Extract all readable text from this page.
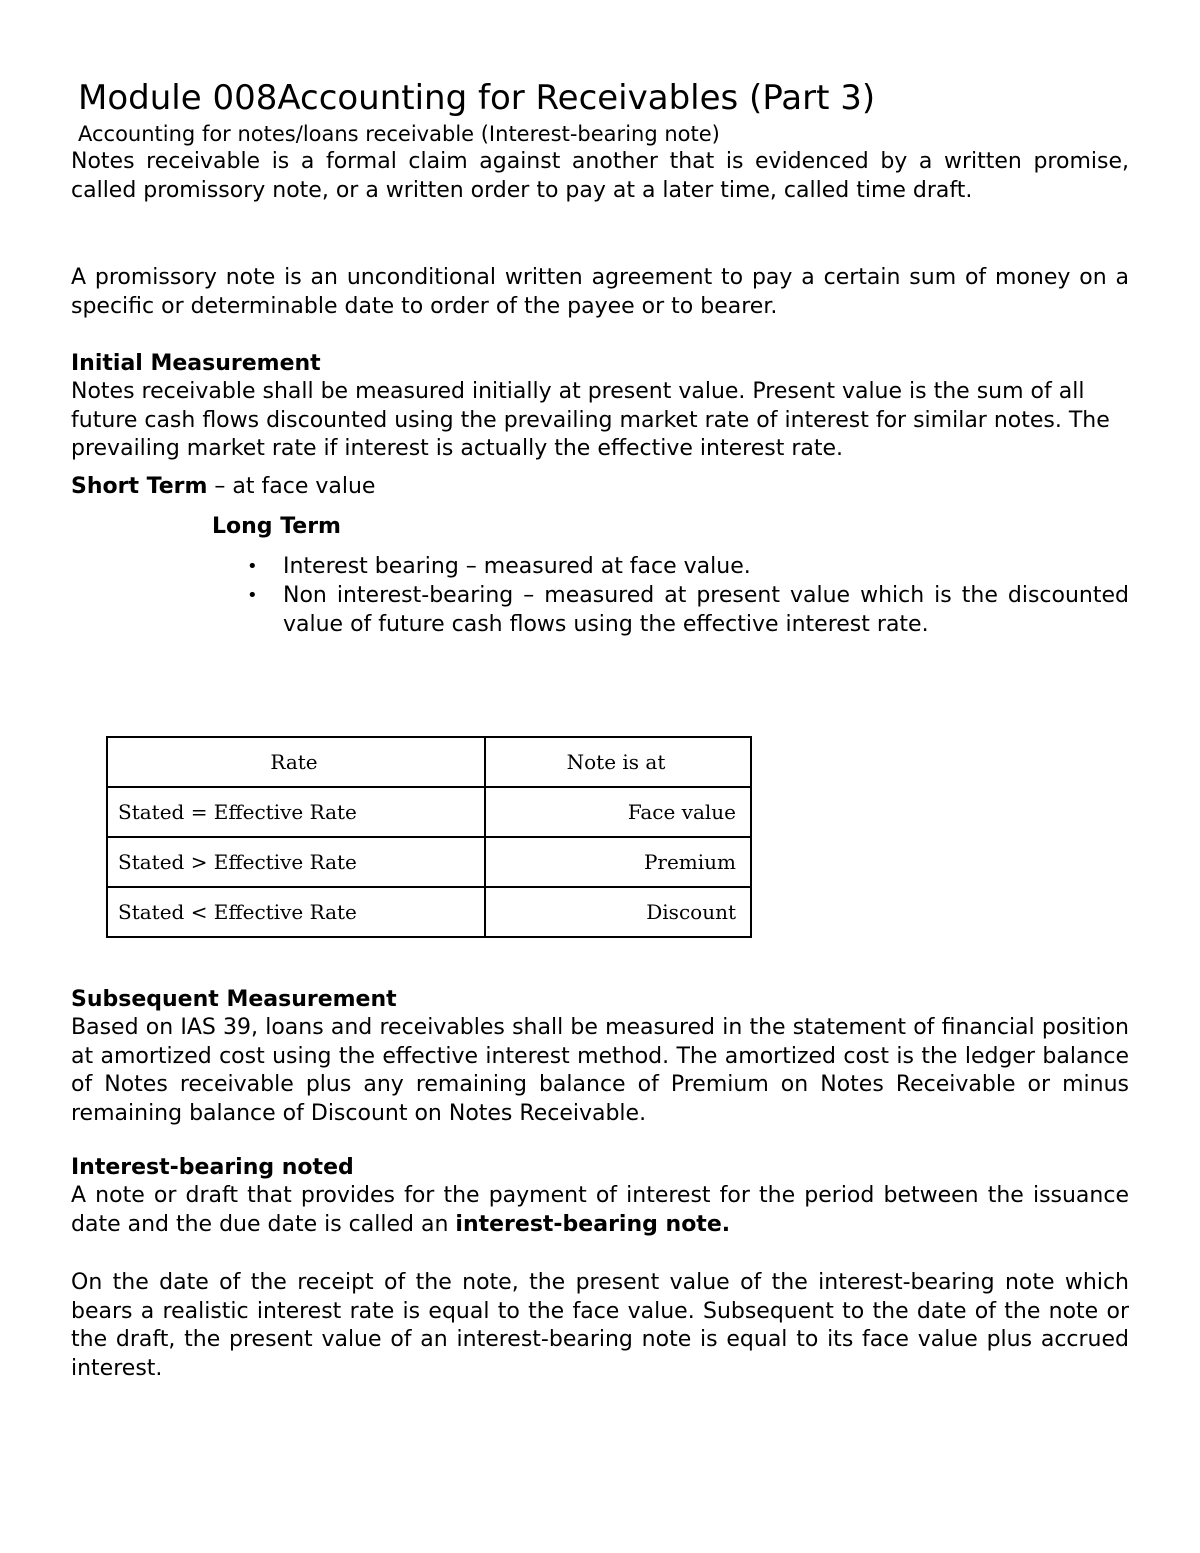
Module 008Accounting for Receivables (Part 3)
Accounting for notes/loans receivable (Interest-bearing note)
Notes receivable is a formal claim against another that is evidenced by a written promise, called promissory note, or a written order to pay at a later time, called time draft.
A promissory note is an unconditional written agreement to pay a certain sum of money on a specific or determinable date to order of the payee or to bearer.
Initial Measurement
Notes receivable shall be measured initially at present value. Present value is the sum of all future cash flows discounted using the prevailing market rate of interest for similar notes. The prevailing market rate if interest is actually the effective interest rate.
Short Term – at face value
Long Term
• Interest bearing – measured at face value.
• Non interest-bearing – measured at present value which is the discounted value of future cash flows using the effective interest rate.
Rate	Note is at
Stated = Effective Rate	Face value
Stated > Effective Rate	Premium
Stated < Effective Rate	Discount
Subsequent Measurement
Based on IAS 39, loans and receivables shall be measured in the statement of financial position at amortized cost using the effective interest method. The amortized cost is the ledger balance of Notes receivable plus any remaining balance of Premium on Notes Receivable or minus remaining balance of Discount on Notes Receivable.
Interest-bearing noted
A note or draft that provides for the payment of interest for the period between the issuance date and the due date is called an interest-bearing note.
On the date of the receipt of the note, the present value of the interest-bearing note which bears a realistic interest rate is equal to the face value. Subsequent to the date of the note or the draft, the present value of an interest-bearing note is equal to its face value plus accrued interest.
